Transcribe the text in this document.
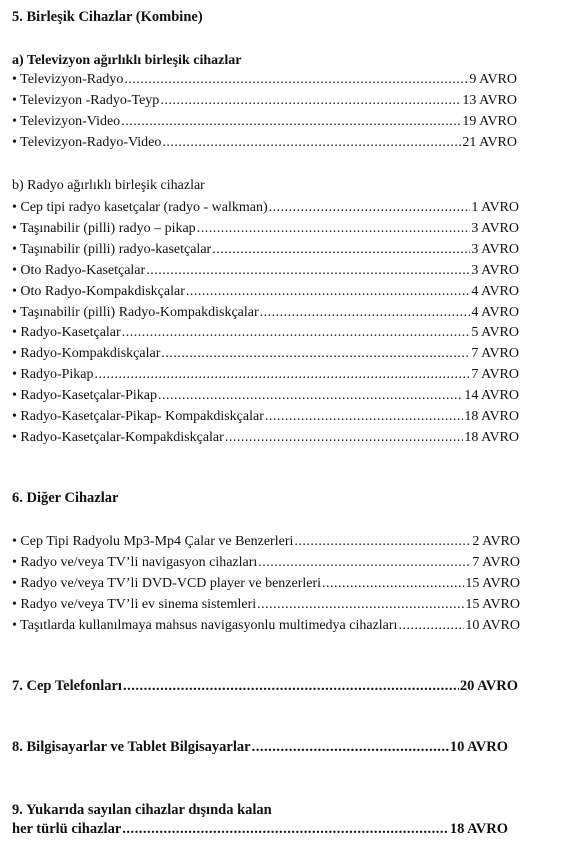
5. Birleşik Cihazlar (Kombine)
a) Televizyon ağırlıklı birleşik cihazlar
• Televizyon-Radyo .....	9 AVRO
• Televizyon -Radyo-Teyp .....	13 AVRO
• Televizyon-Video .....	19 AVRO
• Televizyon-Radyo-Video .....	21 AVRO
b) Radyo ağırlıklı birleşik cihazlar
• Cep tipi radyo kasetçalar (radyo - walkman) .....	1 AVRO
• Taşınabilir (pilli) radyo – pikap .....	3 AVRO
• Taşınabilir (pilli) radyo-kasetçalar .....	3 AVRO
• Oto Radyo-Kasetçalar .....	3 AVRO
• Oto Radyo-Kompakdiskçalar .....	4 AVRO
• Taşınabilir (pilli) Radyo-Kompakdiskçalar .....	4 AVRO
• Radyo-Kasetçalar .....	5 AVRO
• Radyo-Kompakdiskçalar .....	7 AVRO
• Radyo-Pikap .....	7 AVRO
• Radyo-Kasetçalar-Pikap .....	14 AVRO
• Radyo-Kasetçalar-Pikap- Kompakdiskçalar .....	18 AVRO
• Radyo-Kasetçalar-Kompakdiskçalar .....	18 AVRO
6. Diğer Cihazlar
• Cep Tipi Radyolu Mp3-Mp4 Çalar ve Benzerleri .....	2 AVRO
• Radyo ve/veya TV’li navigasyon cihazları .....	7 AVRO
• Radyo ve/veya TV’li DVD-VCD player ve benzerleri .....	15 AVRO
• Radyo ve/veya TV’li ev sinema sistemleri .....	15 AVRO
• Taşıtlarda kullanılmaya mahsus navigasyonlu multimedya cihazları .....	10 AVRO
7. Cep Telefonları .....	20 AVRO
8. Bilgisayarlar ve Tablet Bilgisayarlar .....	10 AVRO
9. Yukarıda sayılan cihazlar dışında kalan
her türlü cihazlar .....	18 AVRO
